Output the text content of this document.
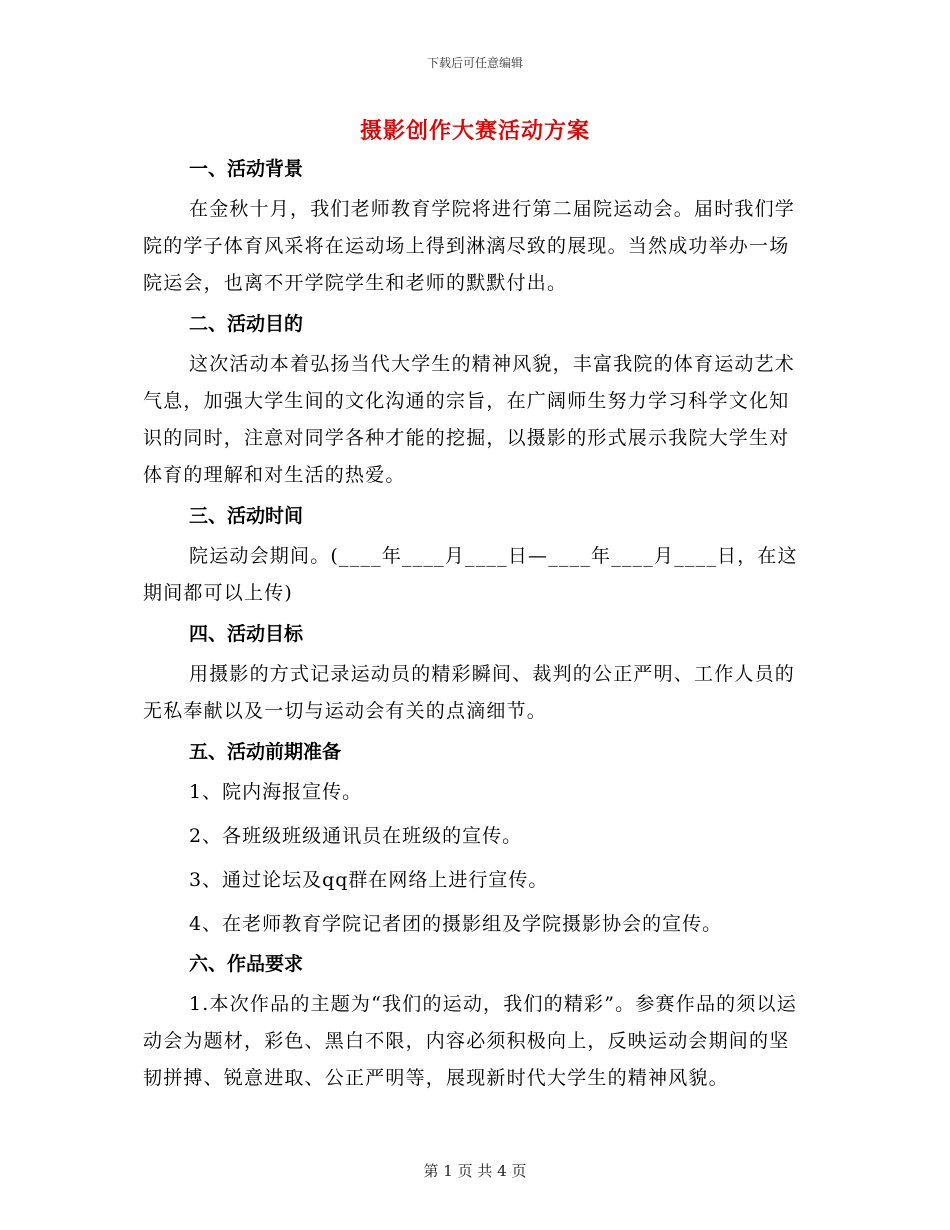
下载后可任意编辑
摄影创作大赛活动方案
一、活动背景
在金秋十月，我们老师教育学院将进行第二届院运动会。届时我们学院的学子体育风采将在运动场上得到淋漓尽致的展现。当然成功举办一场院运会，也离不开学院学生和老师的默默付出。
二、活动目的
这次活动本着弘扬当代大学生的精神风貌，丰富我院的体育运动艺术气息，加强大学生间的文化沟通的宗旨，在广阔师生努力学习科学文化知识的同时，注意对同学各种才能的挖掘，以摄影的形式展示我院大学生对体育的理解和对生活的热爱。
三、活动时间
院运动会期间。(____年____月____日—____年____月____日，在这期间都可以上传)
四、活动目标
用摄影的方式记录运动员的精彩瞬间、裁判的公正严明、工作人员的无私奉献以及一切与运动会有关的点滴细节。
五、活动前期准备
1、院内海报宣传。
2、各班级班级通讯员在班级的宣传。
3、通过论坛及qq群在网络上进行宣传。
4、在老师教育学院记者团的摄影组及学院摄影协会的宣传。
六、作品要求
1.本次作品的主题为“我们的运动，我们的精彩”。参赛作品的须以运动会为题材，彩色、黑白不限，内容必须积极向上，反映运动会期间的坚韧拼搏、锐意进取、公正严明等，展现新时代大学生的精神风貌。
第 1 页 共 4 页
